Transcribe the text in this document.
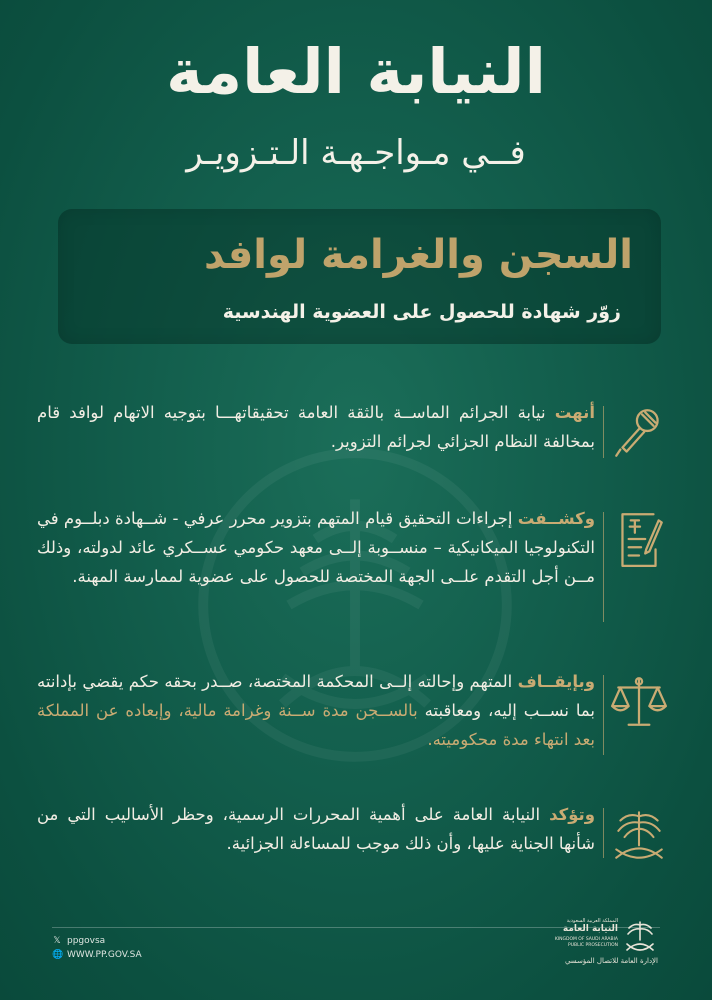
النيابة العامة
فــي مـواجـهـة الـتـزويـر
السجن والغرامة لوافد
زوّر شهادة للحصول على العضوية الهندسية
أنهت نيابة الجرائم الماســة بالثقة العامة تحقيقاتهـــا بتوجيه الاتهام لوافد قام بمخالفة النظام الجزائي لجرائم التزوير.
وكشــفت إجراءات التحقيق قيام المتهم بتزوير محرر عرفي - شــهادة دبلــوم في التكنولوجيا الميكانيكية – منســوبة إلــى معهد حكومي عســكري عائد لدولته، وذلك مــن أجل التقدم علــى الجهة المختصة للحصول على عضوية لممارسة المهنة.
وبإيقــاف المتهم وإحالته إلــى المحكمة المختصة، صــدر بحقه حكم يقضي بإدانته بما نســب إليه، ومعاقبته بالســجن مدة ســنة وغرامة مالية، وإبعاده عن المملكة بعد انتهاء مدة محكوميته.
وتؤكد النيابة العامة على أهمية المحررات الرسمية، وحظر الأساليب التي من شأنها الجناية عليها، وأن ذلك موجب للمساءلة الجزائية.
𝕏 ppgovsa
🌐 WWW.PP.GOV.SA
المملكة العربية السعودية
النيابة العامة
KINGDOM OF SAUDI ARABIA
PUBLIC PROSECUTION
الإدارة العامة للاتصال المؤسسي
